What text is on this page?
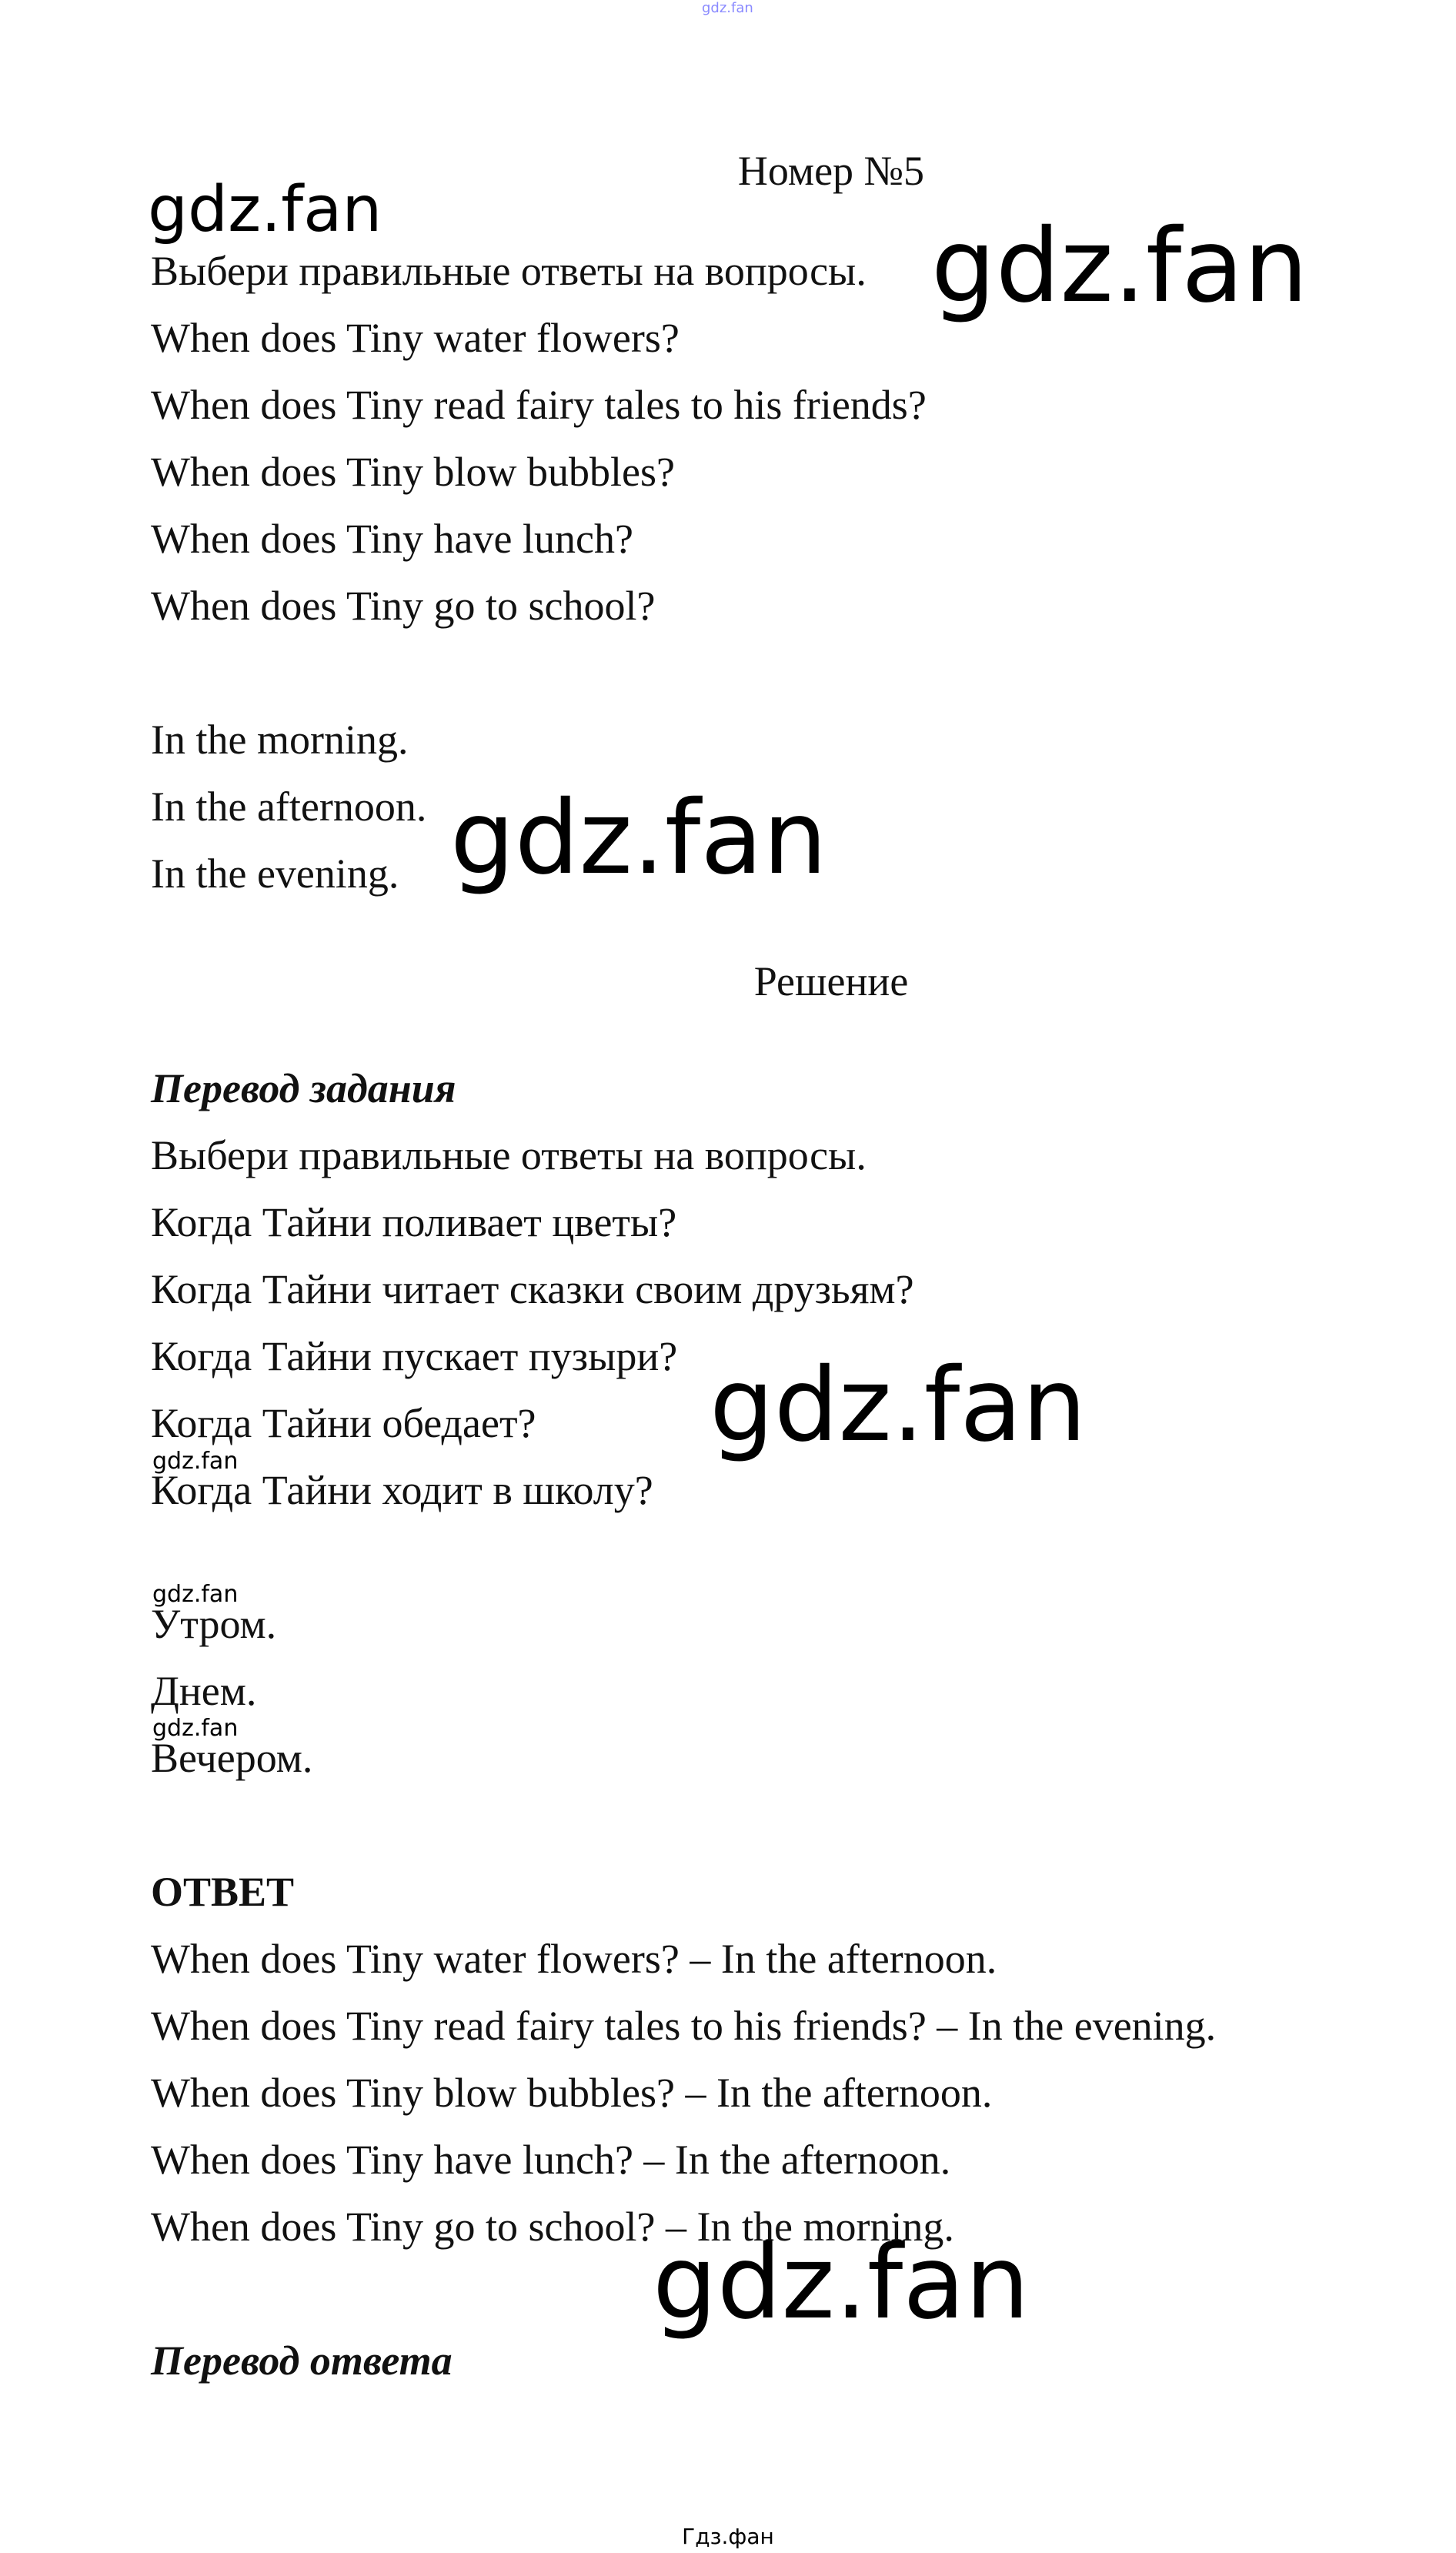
gdz.fan
Номер №5
Выбери правильные ответы на вопросы.
When does Tiny water flowers?
When does Tiny read fairy tales to his friends?
When does Tiny blow bubbles?
When does Tiny have lunch?
When does Tiny go to school?
In the morning.
In the afternoon.
In the evening.
Решение
Перевод задания
Выбери правильные ответы на вопросы.
Когда Тайни поливает цветы?
Когда Тайни читает сказки своим друзьям?
Когда Тайни пускает пузыри?
Когда Тайни обедает?
Когда Тайни ходит в школу?
Утром.
Днем.
Вечером.
ОТВЕТ
When does Tiny water flowers? – In the afternoon.
When does Tiny read fairy tales to his friends? – In the evening.
When does Tiny blow bubbles? – In the afternoon.
When does Tiny have lunch? – In the afternoon.
When does Tiny go to school? – In the morning.
Перевод ответа
gdz.fan	gdz.fan
gdz.fan
gdz.fan
gdz.fan
gdz.fan
gdz.fan
gdz.fan
Гдз.фан
